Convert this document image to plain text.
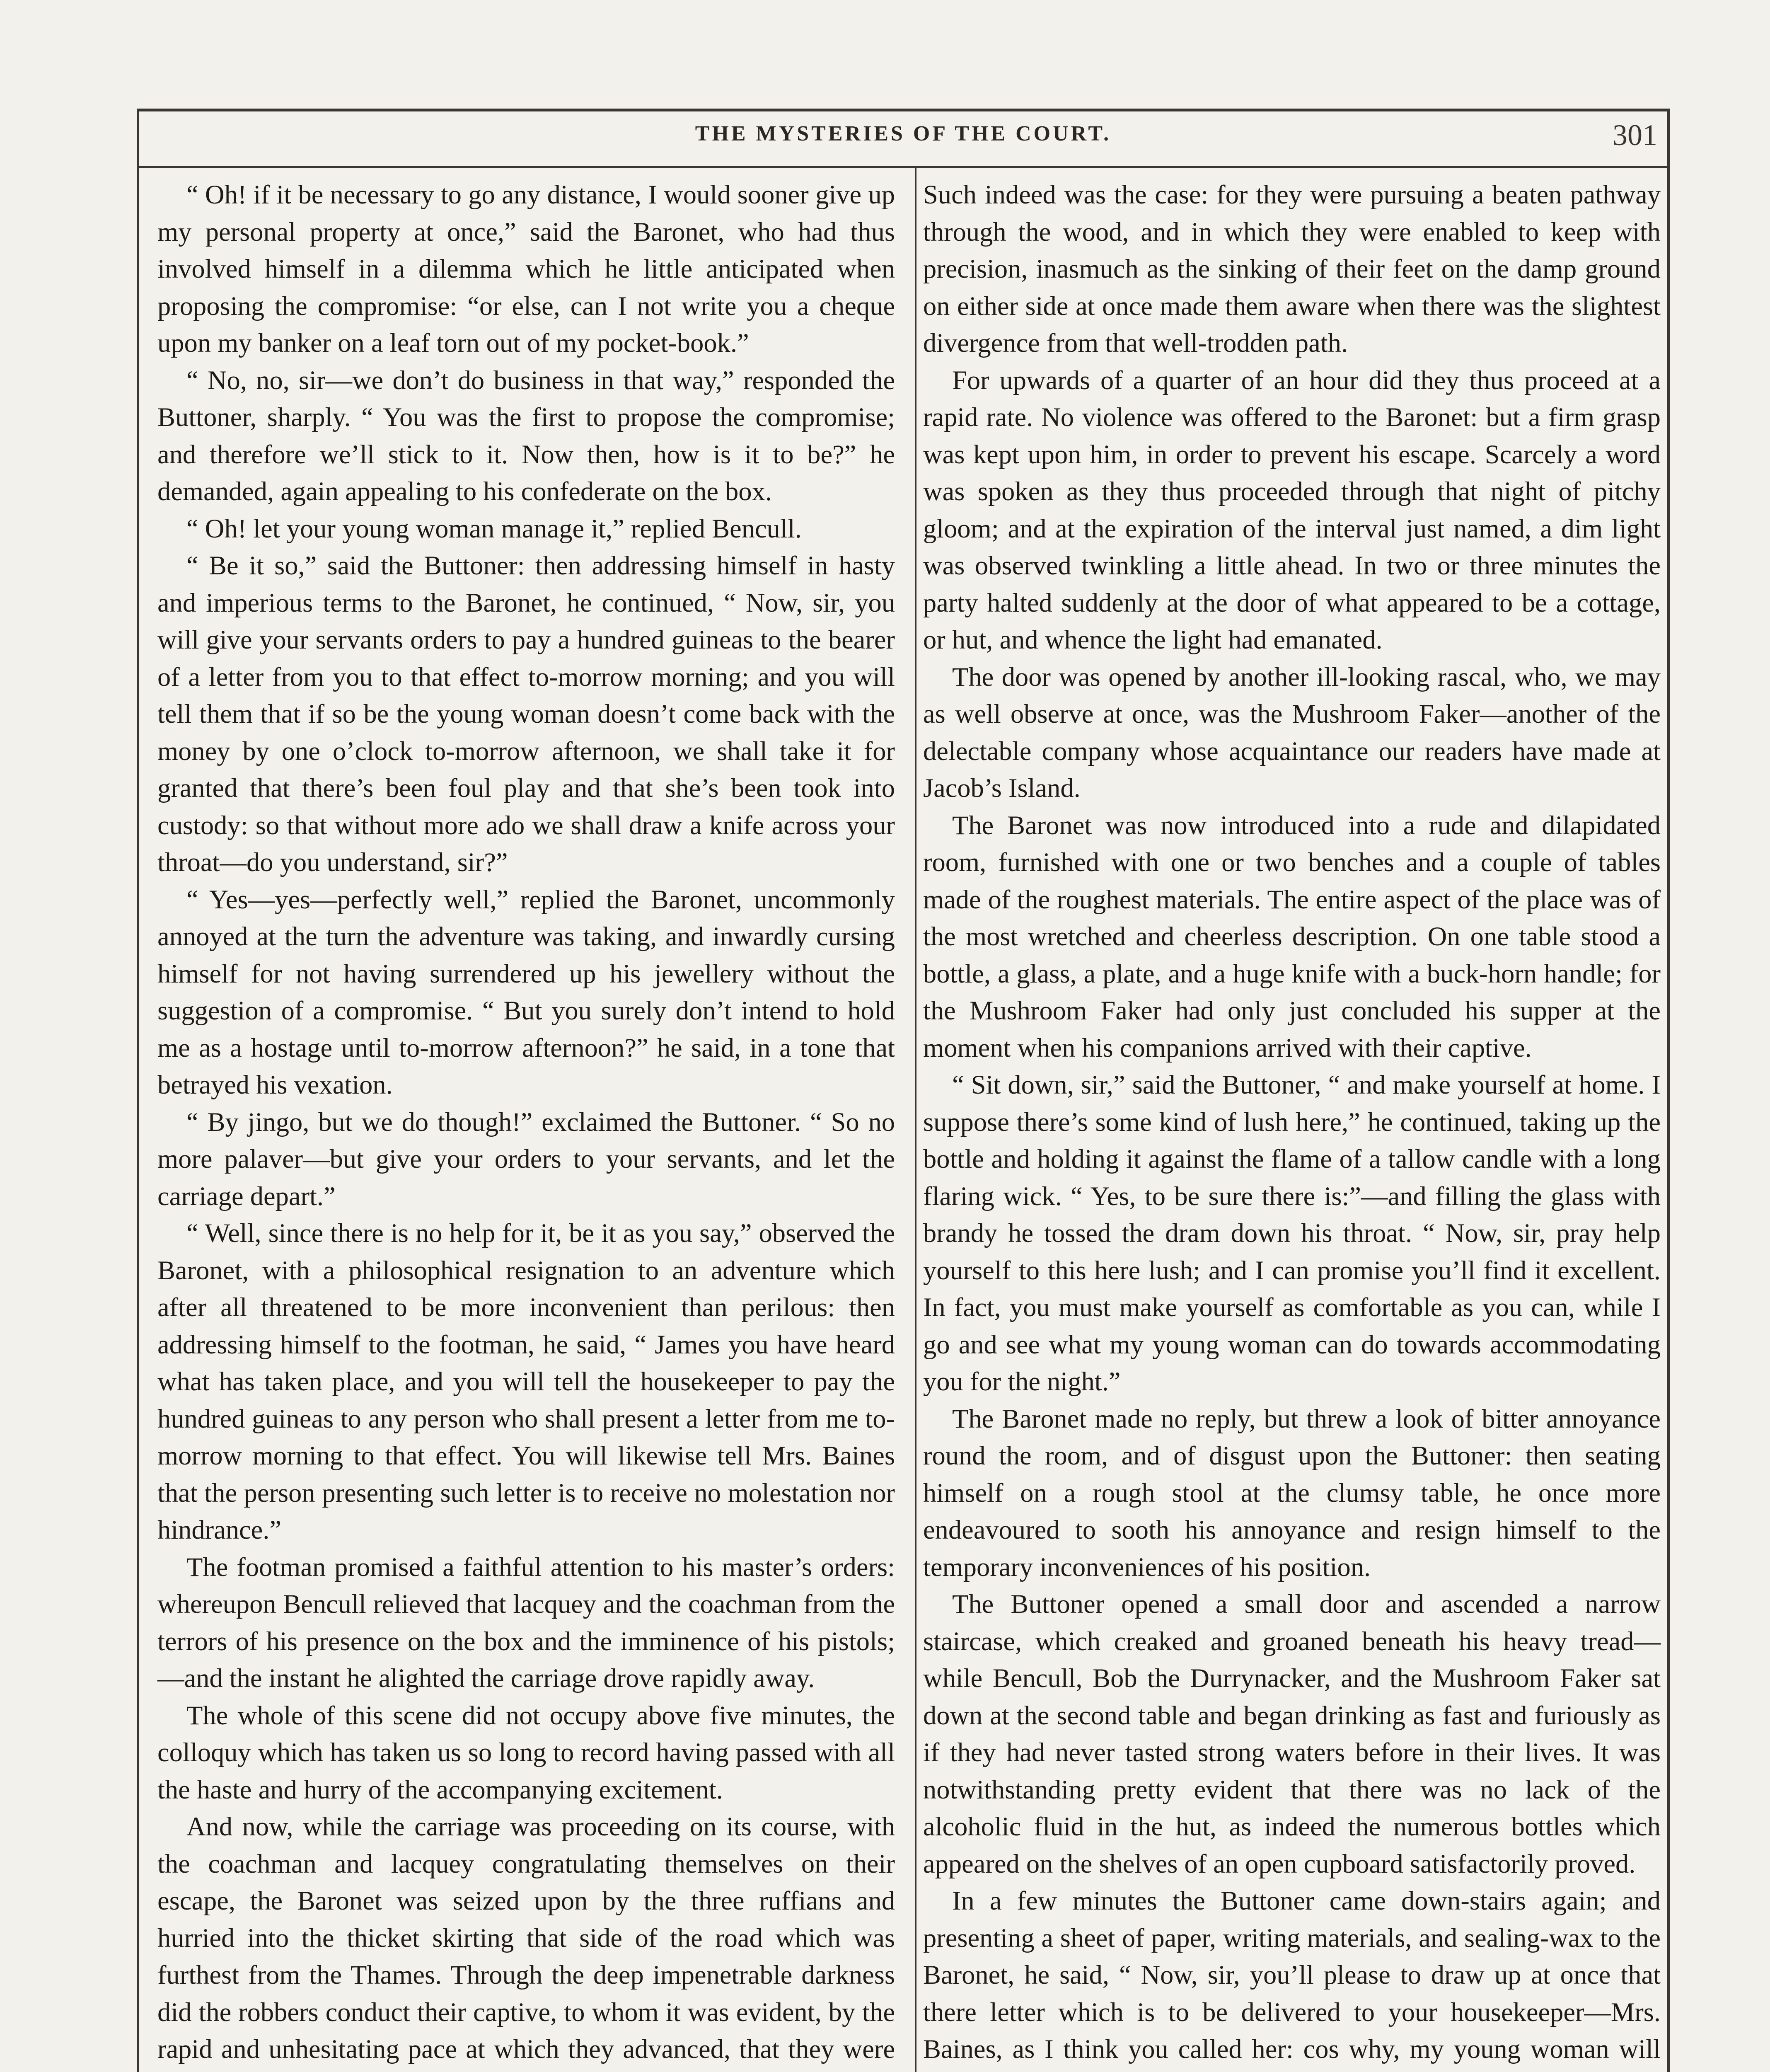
THE MYSTERIES OF THE COURT.	301

“ Oh! if it be necessary to go any distance, I would sooner give up my personal property at once,” said the Baronet, who had thus involved himself in a dilemma which he little anticipated when proposing the compromise: “or else, can I not write you a cheque upon my banker on a leaf torn out of my pocket-book.”

“ No, no, sir—we don’t do business in that way,” responded the Buttoner, sharply. “ You was the first to propose the compromise; and therefore we’ll stick to it. Now then, how is it to be?” he demanded, again appealing to his confederate on the box.

“ Oh! let your young woman manage it,” replied Bencull.

“ Be it so,” said the Buttoner: then addressing himself in hasty and imperious terms to the Baronet, he continued, “ Now, sir, you will give your servants orders to pay a hundred guineas to the bearer of a letter from you to that effect to-morrow morning; and you will tell them that if so be the young woman doesn’t come back with the money by one o’clock to-morrow afternoon, we shall take it for granted that there’s been foul play and that she’s been took into custody: so that without more ado we shall draw a knife across your throat—do you understand, sir?”

“ Yes—yes—perfectly well,” replied the Baronet, uncommonly annoyed at the turn the adventure was taking, and inwardly cursing himself for not having surrendered up his jewellery without the suggestion of a compromise. “ But you surely don’t intend to hold me as a hostage until to-morrow afternoon?” he said, in a tone that betrayed his vexation.

“ By jingo, but we do though!” exclaimed the Buttoner. “ So no more palaver—but give your orders to your servants, and let the carriage depart.”

“ Well, since there is no help for it, be it as you say,” observed the Baronet, with a philosophical resignation to an adventure which after all threatened to be more inconvenient than perilous: then addressing himself to the footman, he said, “ James you have heard what has taken place, and you will tell the housekeeper to pay the hundred guineas to any person who shall present a letter from me to-morrow morning to that effect. You will likewise tell Mrs. Baines that the person presenting such letter is to receive no molestation nor hindrance.”

The footman promised a faithful attention to his master’s orders: whereupon Bencull relieved that lacquey and the coachman from the terrors of his presence on the box and the imminence of his pistols;—and the instant he alighted the carriage drove rapidly away.

The whole of this scene did not occupy above five minutes, the colloquy which has taken us so long to record having passed with all the haste and hurry of the accompanying excitement.

And now, while the carriage was proceeding on its course, with the coachman and lacquey congratulating themselves on their escape, the Baronet was seized upon by the three ruffians and hurried into the thicket skirting that side of the road which was furthest from the Thames. Through the deep impenetrable darkness did the robbers conduct their captive, to whom it was evident, by the rapid and unhesitating pace at which they advanced, that they were

Such indeed was the case: for they were pursuing a beaten pathway through the wood, and in which they were enabled to keep with precision, inasmuch as the sinking of their feet on the damp ground on either side at once made them aware when there was the slightest divergence from that well-trodden path.

For upwards of a quarter of an hour did they thus proceed at a rapid rate. No violence was offered to the Baronet: but a firm grasp was kept upon him, in order to prevent his escape. Scarcely a word was spoken as they thus proceeded through that night of pitchy gloom; and at the expiration of the interval just named, a dim light was observed twinkling a little ahead. In two or three minutes the party halted suddenly at the door of what appeared to be a cottage, or hut, and whence the light had emanated.

The door was opened by another ill-looking rascal, who, we may as well observe at once, was the Mushroom Faker—another of the delectable company whose acquaintance our readers have made at Jacob’s Island.

The Baronet was now introduced into a rude and dilapidated room, furnished with one or two benches and a couple of tables made of the roughest materials. The entire aspect of the place was of the most wretched and cheerless description. On one table stood a bottle, a glass, a plate, and a huge knife with a buck-horn handle; for the Mushroom Faker had only just concluded his supper at the moment when his companions arrived with their captive.

“ Sit down, sir,” said the Buttoner, “ and make yourself at home. I suppose there’s some kind of lush here,” he continued, taking up the bottle and holding it against the flame of a tallow candle with a long flaring wick. “ Yes, to be sure there is:”—and filling the glass with brandy he tossed the dram down his throat. “ Now, sir, pray help yourself to this here lush; and I can promise you’ll find it excellent. In fact, you must make yourself as comfortable as you can, while I go and see what my young woman can do towards accommodating you for the night.”

The Baronet made no reply, but threw a look of bitter annoyance round the room, and of disgust upon the Buttoner: then seating himself on a rough stool at the clumsy table, he once more endeavoured to sooth his annoyance and resign himself to the temporary inconveniences of his position.

The Buttoner opened a small door and ascended a narrow staircase, which creaked and groaned beneath his heavy tread—while Bencull, Bob the Durrynacker, and the Mushroom Faker sat down at the second table and began drinking as fast and furiously as if they had never tasted strong waters before in their lives. It was notwithstanding pretty evident that there was no lack of the alcoholic fluid in the hut, as indeed the numerous bottles which appeared on the shelves of an open cupboard satisfactorily proved.

In a few minutes the Buttoner came down-stairs again; and presenting a sheet of paper, writing materials, and sealing-wax to the Baronet, he said, “ Now, sir, you’ll please to draw up at once that there letter which is to be delivered to your housekeeper—Mrs. Baines, as I think you called her: cos why, my young woman will
